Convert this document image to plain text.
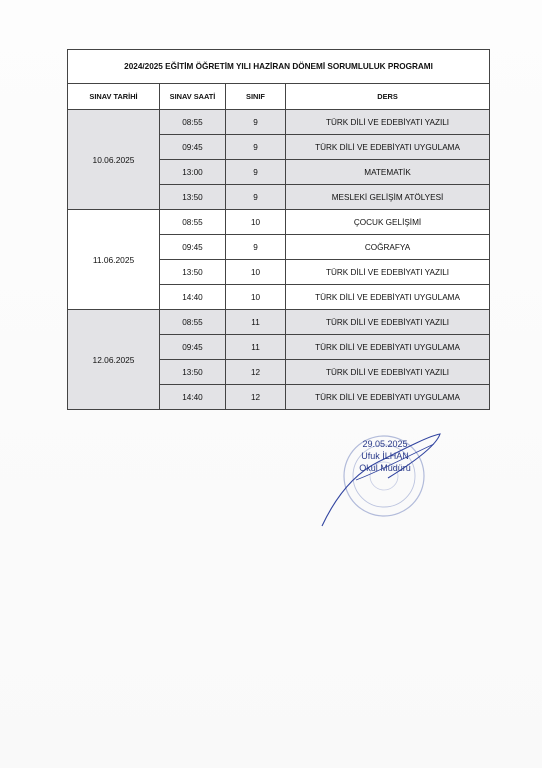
2024/2025 EĞİTİM ÖĞRETİM YILI HAZİRAN DÖNEMİ SORUMLULUK PROGRAMI			
SINAV TARİHİ	SINAV SAATİ	SINIF	DERS
10.06.2025	08:55	9	TÜRK DİLİ VE EDEBİYATI YAZILI
	09:45	9	TÜRK DİLİ VE EDEBİYATI UYGULAMA
	13:00	9	MATEMATİK
	13:50	9	MESLEKİ GELİŞİM ATÖLYESİ
11.06.2025	08:55	10	ÇOCUK GELİŞİMİ
	09:45	9	COĞRAFYA
	13:50	10	TÜRK DİLİ VE EDEBİYATI YAZILI
	14:40	10	TÜRK DİLİ VE EDEBİYATI UYGULAMA
12.06.2025	08:55	11	TÜRK DİLİ VE EDEBİYATI YAZILI
	09:45	11	TÜRK DİLİ VE EDEBİYATI UYGULAMA
	13:50	12	TÜRK DİLİ VE EDEBİYATI YAZILI
	14:40	12	TÜRK DİLİ VE EDEBİYATI UYGULAMA
29.05.2025
Ufuk İLHAN
Okul Müdürü
